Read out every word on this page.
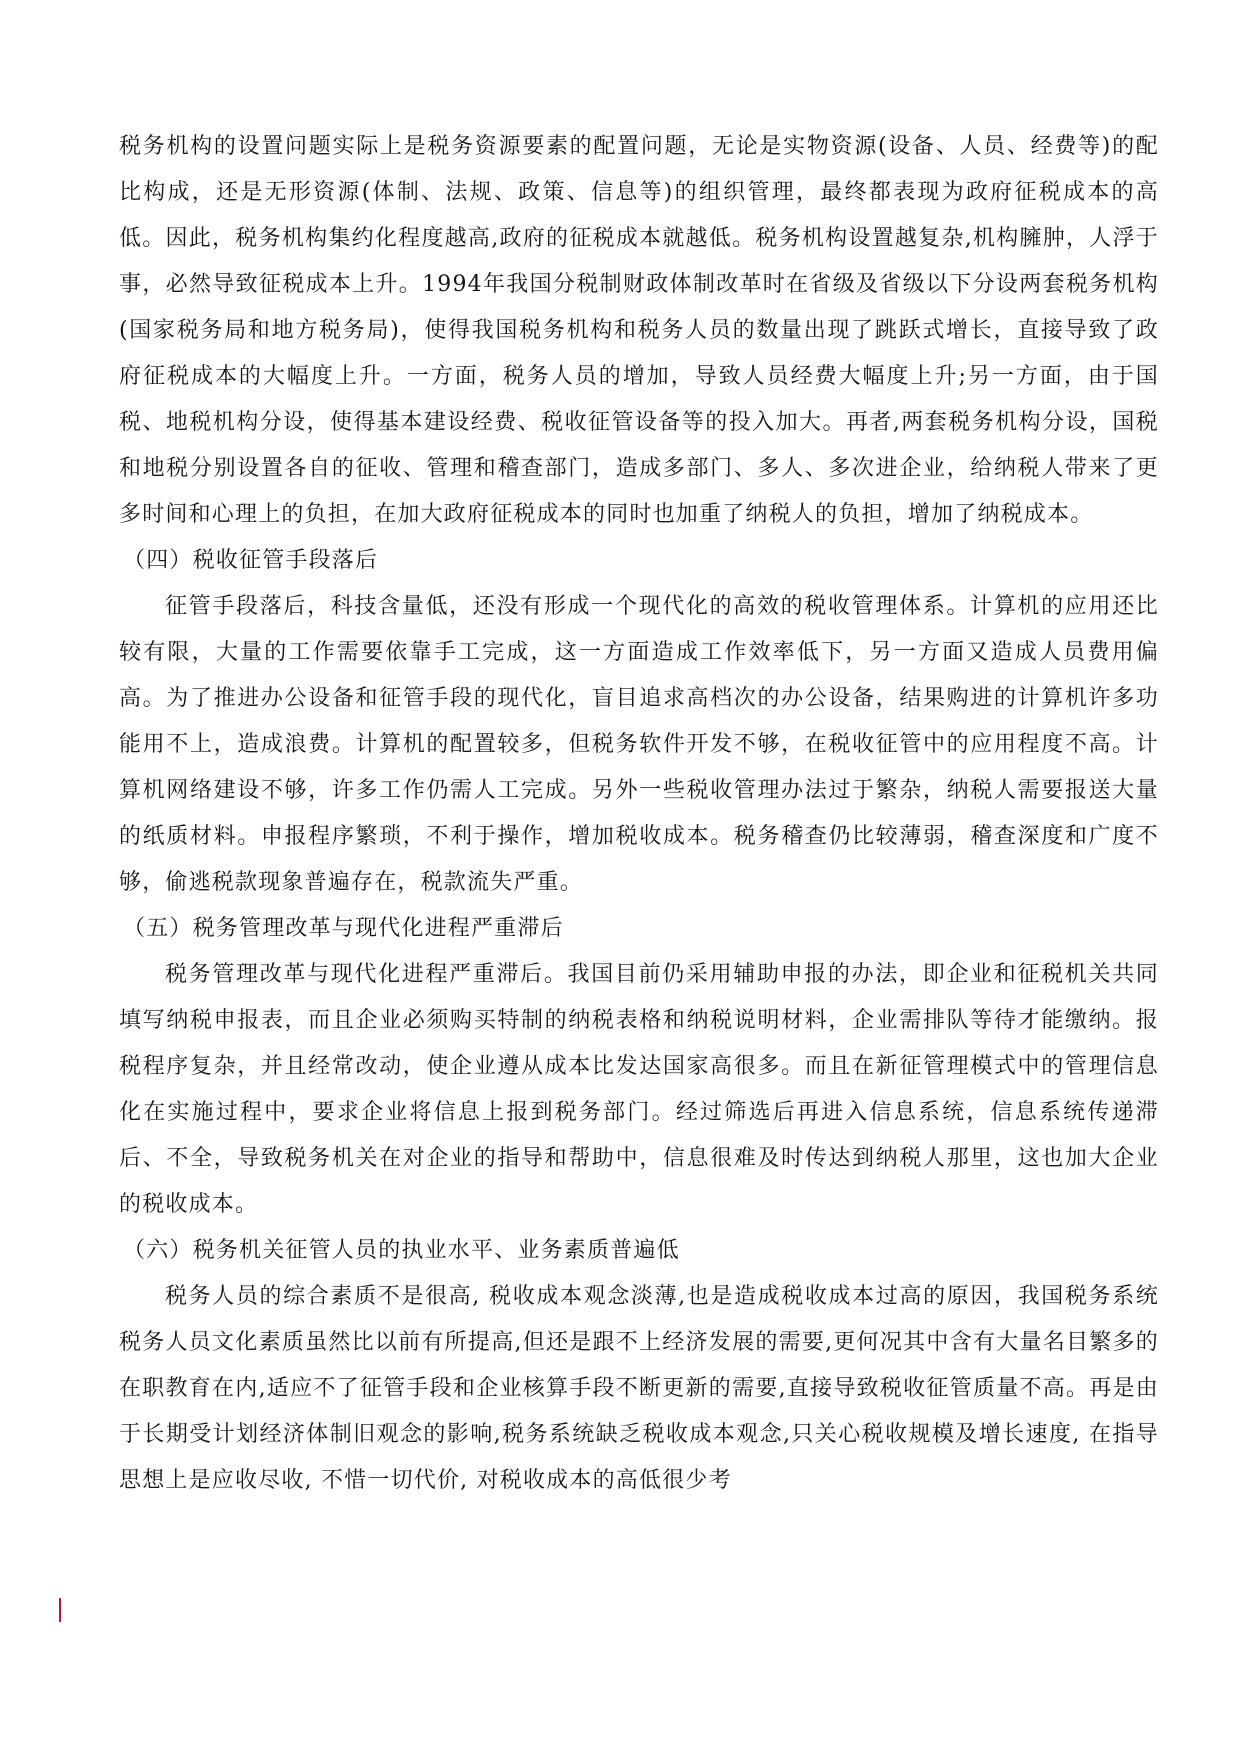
税务机构的设置问题实际上是税务资源要素的配置问题，无论是实物资源(设备、人员、经费等)的配比构成，还是无形资源(体制、法规、政策、信息等)的组织管理，最终都表现为政府征税成本的高低。因此，税务机构集约化程度越高,政府的征税成本就越低。税务机构设置越复杂,机构臃肿，人浮于事，必然导致征税成本上升。1994年我国分税制财政体制改革时在省级及省级以下分设两套税务机构(国家税务局和地方税务局)，使得我国税务机构和税务人员的数量出现了跳跃式增长，直接导致了政府征税成本的大幅度上升。一方面，税务人员的增加，导致人员经费大幅度上升;另一方面，由于国税、地税机构分设，使得基本建设经费、税收征管设备等的投入加大。再者,两套税务机构分设，国税和地税分别设置各自的征收、管理和稽查部门，造成多部门、多人、多次进企业，给纳税人带来了更多时间和心理上的负担，在加大政府征税成本的同时也加重了纳税人的负担，增加了纳税成本。

（四）税收征管手段落后

征管手段落后，科技含量低，还没有形成一个现代化的高效的税收管理体系。计算机的应用还比较有限，大量的工作需要依靠手工完成，这一方面造成工作效率低下，另一方面又造成人员费用偏高。为了推进办公设备和征管手段的现代化，盲目追求高档次的办公设备，结果购进的计算机许多功能用不上，造成浪费。计算机的配置较多，但税务软件开发不够，在税收征管中的应用程度不高。计算机网络建设不够，许多工作仍需人工完成。另外一些税收管理办法过于繁杂，纳税人需要报送大量的纸质材料。申报程序繁琐，不利于操作，增加税收成本。税务稽查仍比较薄弱，稽查深度和广度不够，偷逃税款现象普遍存在，税款流失严重。

（五）税务管理改革与现代化进程严重滞后

税务管理改革与现代化进程严重滞后。我国目前仍采用辅助申报的办法，即企业和征税机关共同填写纳税申报表，而且企业必须购买特制的纳税表格和纳税说明材料，企业需排队等待才能缴纳。报税程序复杂，并且经常改动，使企业遵从成本比发达国家高很多。而且在新征管理模式中的管理信息化在实施过程中，要求企业将信息上报到税务部门。经过筛选后再进入信息系统，信息系统传递滞后、不全，导致税务机关在对企业的指导和帮助中，信息很难及时传达到纳税人那里，这也加大企业的税收成本。

（六）税务机关征管人员的执业水平、业务素质普遍低

税务人员的综合素质不是很高, 税收成本观念淡薄,也是造成税收成本过高的原因，我国税务系统税务人员文化素质虽然比以前有所提高,但还是跟不上经济发展的需要,更何况其中含有大量名目繁多的在职教育在内,适应不了征管手段和企业核算手段不断更新的需要,直接导致税收征管质量不高。再是由于长期受计划经济体制旧观念的影响,税务系统缺乏税收成本观念,只关心税收规模及增长速度, 在指导思想上是应收尽收, 不惜一切代价, 对税收成本的高低很少考
